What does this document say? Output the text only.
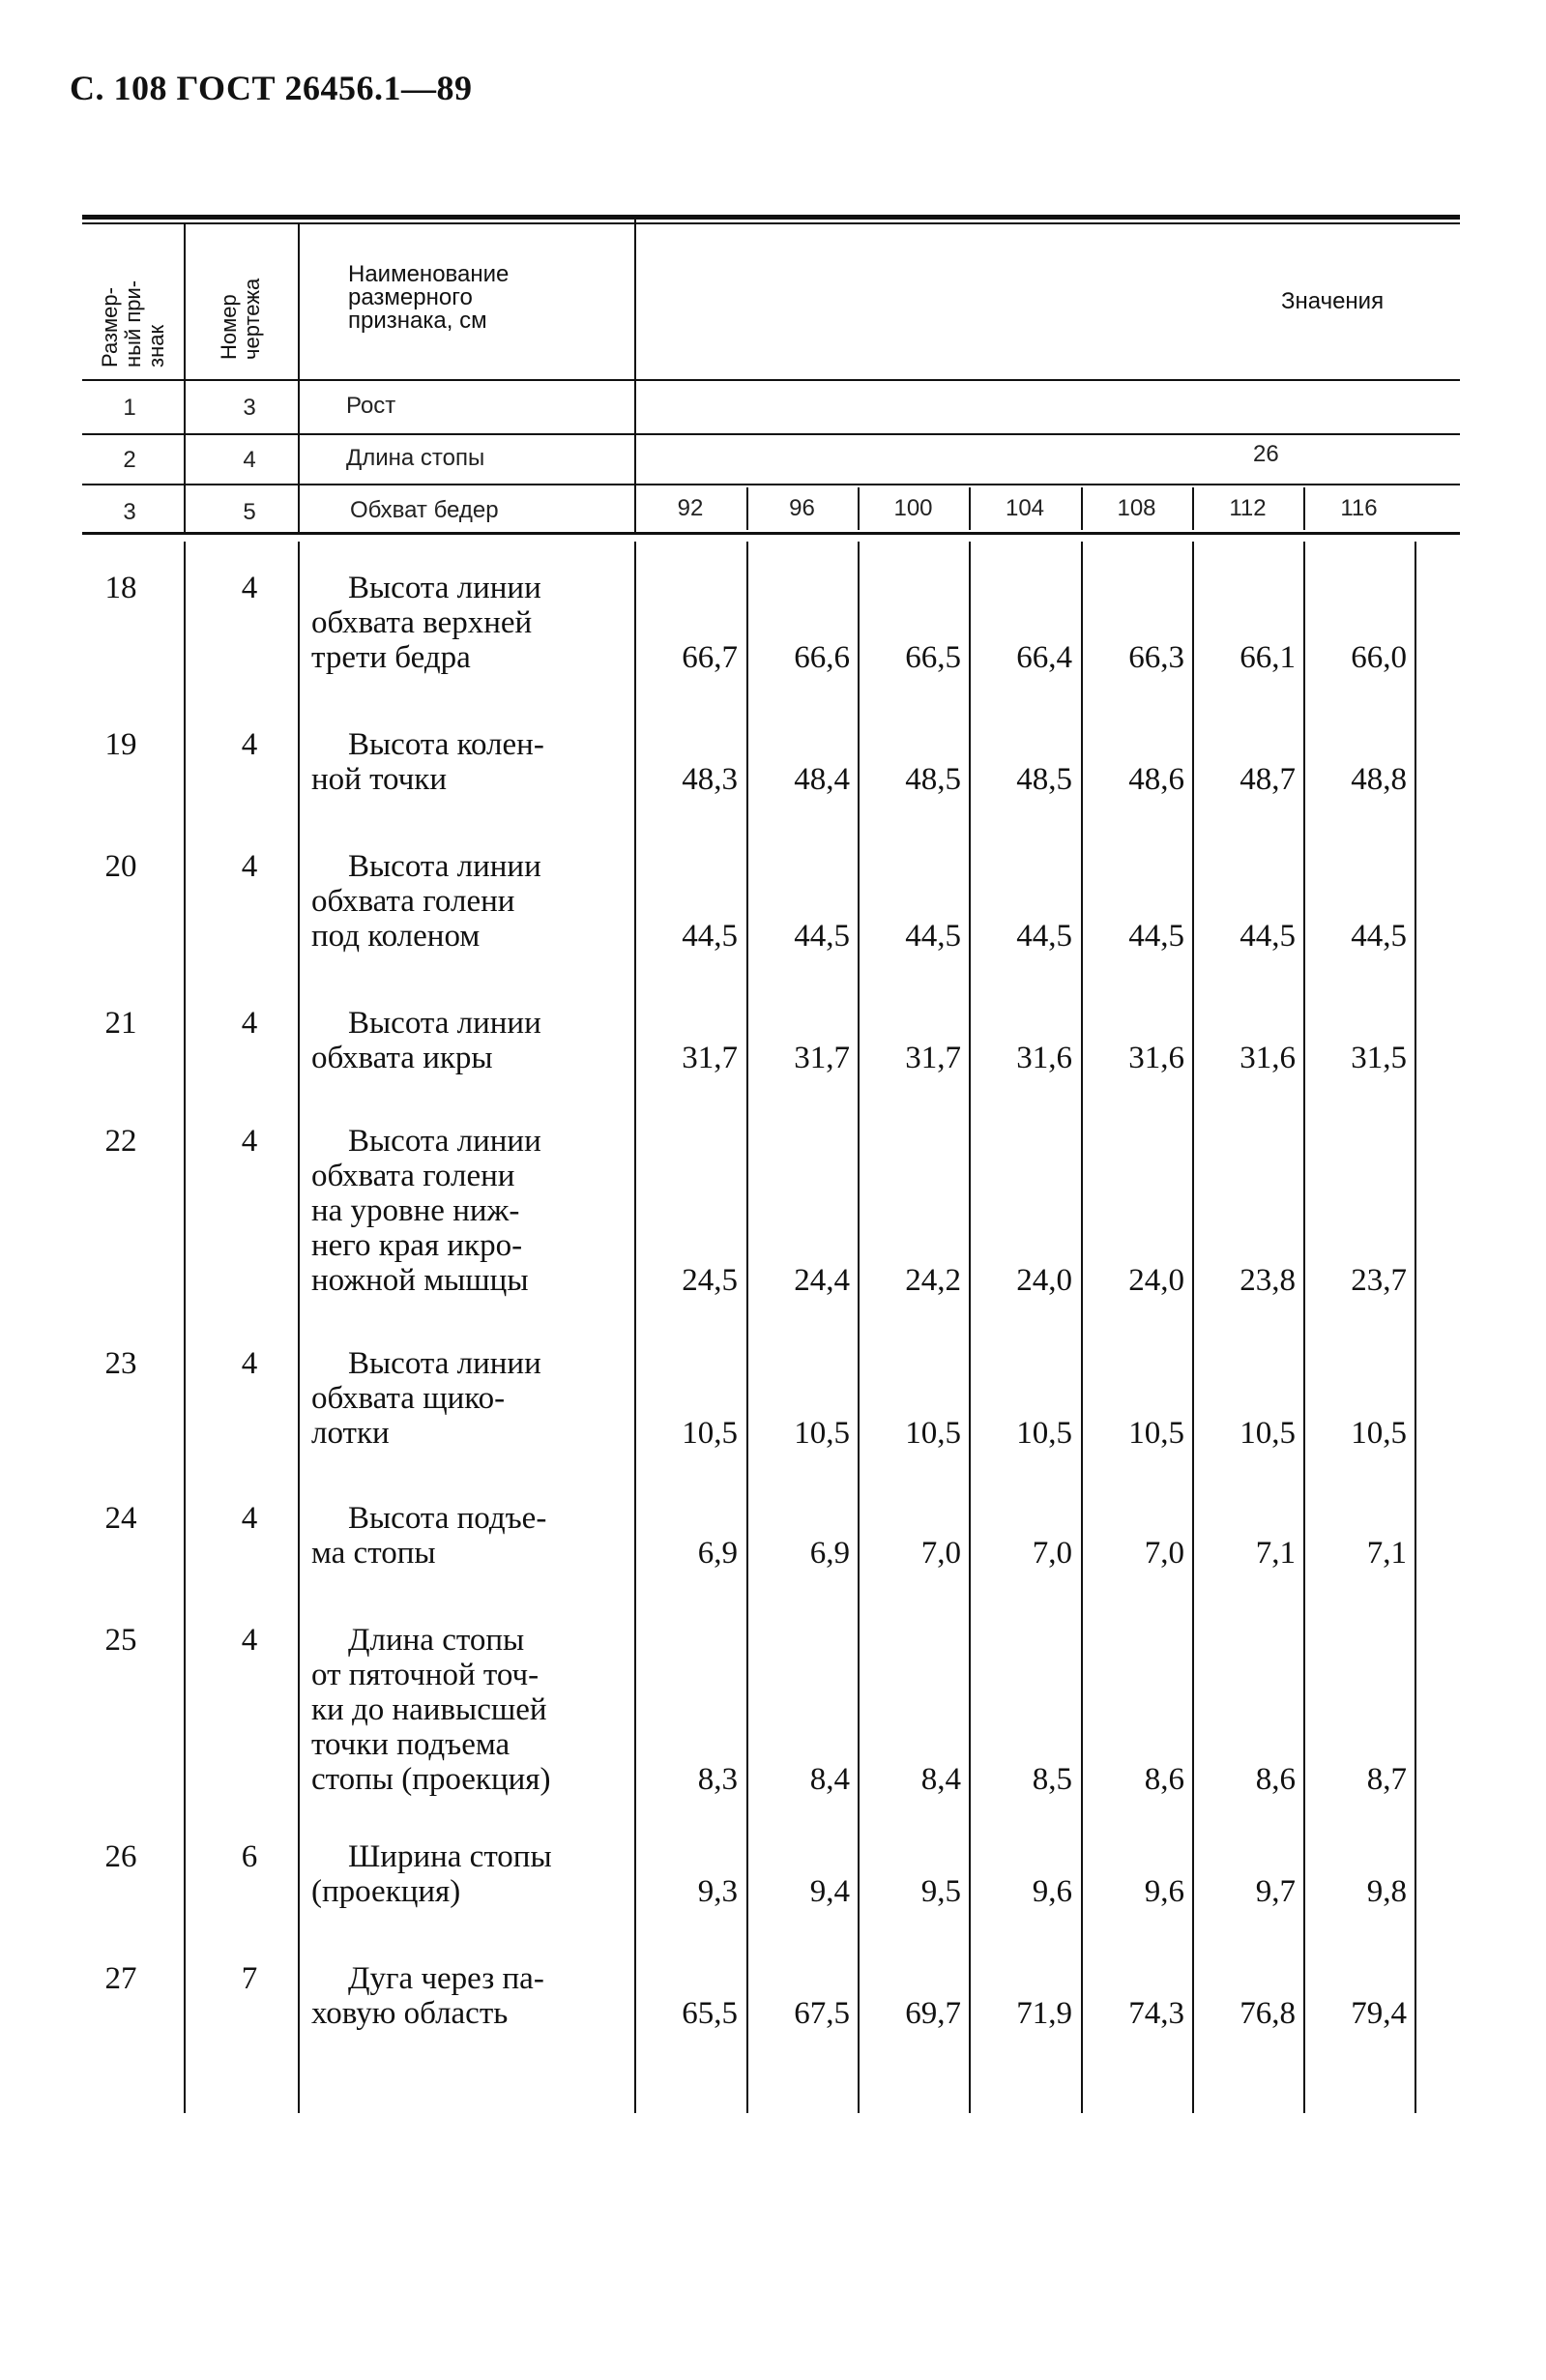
С. 108 ГОСТ 26456.1—89
Размер- ный при- знак Номер чертежа
Наименование
размерного
признака, см
Значения
1	3	Рост
2	4	Длина стопы	26
3	5	Обхват бедер	92	96	100	104	108	112	116
18	4	Высота линии
обхвата верхней
трети бедра	66,7	66,6	66,5	66,4	66,3	66,1	66,0
19	4	Высота колен-
ной точки	48,3	48,4	48,5	48,5	48,6	48,7	48,8
20	4	Высота линии
обхвата голени
под коленом	44,5	44,5	44,5	44,5	44,5	44,5	44,5
21	4	Высота линии
обхвата икры	31,7	31,7	31,7	31,6	31,6	31,6	31,5
22	4	Высота линии
обхвата голени
на уровне ниж-
него края икро-
ножной мышцы	24,5	24,4	24,2	24,0	24,0	23,8	23,7
23	4	Высота линии
обхвата щико-
лотки	10,5	10,5	10,5	10,5	10,5	10,5	10,5
24	4	Высота подъе-
ма стопы	6,9	6,9	7,0	7,0	7,0	7,1	7,1
25	4	Длина стопы
от пяточной точ-
ки до наивысшей
точки подъема
стопы (проекция)	8,3	8,4	8,4	8,5	8,6	8,6	8,7
26	6	Ширина стопы
(проекция)	9,3	9,4	9,5	9,6	9,6	9,7	9,8
27	7	Дуга через па-
ховую область	65,5	67,5	69,7	71,9	74,3	76,8	79,4
